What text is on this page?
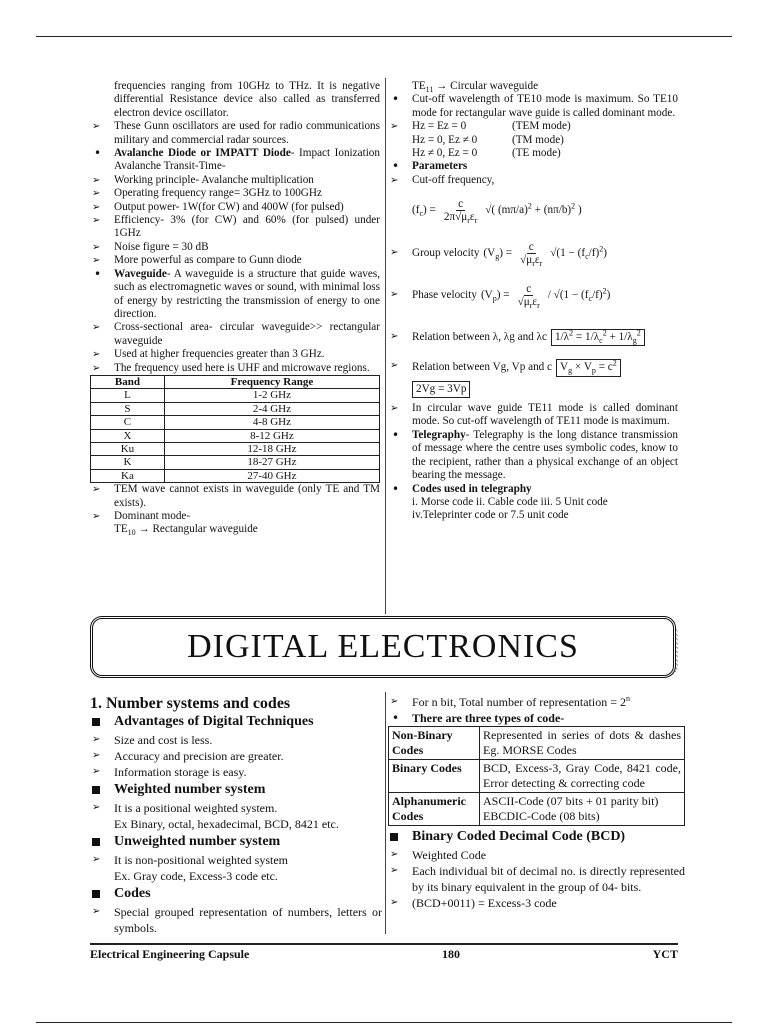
frequencies ranging from 10GHz to THz. It is negative differential Resistance device also called as transferred electron device oscillator.
➢ These Gunn oscillators are used for radio communications military and commercial radar sources.
• Avalanche Diode or IMPATT Diode- Impact Ionization Avalanche Transit-Time-
➢ Working principle- Avalanche multiplication
➢ Operating frequency range= 3GHz to 100GHz
➢ Output power- 1W(for CW) and 400W (for pulsed)
➢ Efficiency- 3% (for CW) and 60% (for pulsed) under 1GHz
➢ Noise figure = 30 dB
➢ More powerful as compare to Gunn diode
• Waveguide- A waveguide is a structure that guide waves, such as electromagnetic waves or sound, with minimal loss of energy by restricting the transmission of energy to one direction.
➢ Cross-sectional area- circular waveguide>> rectangular waveguide
➢ Used at higher frequencies greater than 3 GHz.
➢ The frequency used here is UHF and microwave regions.
Band	Frequency Range
L	1-2 GHz
S	2-4 GHz
C	4-8 GHz
X	8-12 GHz
Ku	12-18 GHz
K	18-27 GHz
Ka	27-40 GHz
➢ TEM wave cannot exists in waveguide (only TE and TM exists).
➢ Dominant mode-
$TE_{10}$ → Rectangular waveguide
$TE_{11}$ → Circular waveguide
• Cut-off wavelength of TE10 mode is maximum. So TE10 mode for rectangular wave guide is called dominant mode.
➢ Hz = Ez = 0	(TEM mode)
Hz = 0, Ez ≠ 0	(TM mode)
Hz ≠ 0, Ez = 0	(TE mode)
• Parameters
➢ Cut-off frequency,
$(f_c) = \frac{c}{2\pi√\mu_r\varepsilon_r}$ √( $(m\pi/a)^2 + (n\pi/b)^2$ )
➢ Group velocity $(V_g) = \frac{c}{√\mu_r\varepsilon_r} √(1 - (f_c/f)^2)$
➢ Phase velocity $(V_p) = \frac{c}{√\mu_r\varepsilon_r} / √(1 - (f_c/f)^2)$
➢ Relation between λ, λg and λc $1/\lambda^2 = 1/\lambda_c^2 + 1/\lambda_g^2$
➢ Relation between Vg, Vp and c $V_g \times V_p = c^2$
2Vg = 3Vp
➢ In circular wave guide TE11 mode is called dominant mode. So cut-off wavelength of TE11 mode is maximum.
• Telegraphy- Telegraphy is the long distance transmission of message where the centre uses symbolic codes, know to the recipient, rather than a physical exchange of an object bearing the message.
• Codes used in telegraphy
i. Morse code ii. Cable code iii. 5 Unit code
iv.Teleprinter code or 7.5 unit code
DIGITAL ELECTRONICS
1. Number systems and codes
Advantages of Digital Techniques
➢ Size and cost is less.
➢ Accuracy and precision are greater.
➢ Information storage is easy.
Weighted number system
➢ It is a positional weighted system.
Ex Binary, octal, hexadecimal, BCD, 8421 etc.
Unweighted number system
➢ It is non-positional weighted system
Ex. Gray code, Excess-3 code etc.
Codes
➢ Special grouped representation of numbers, letters or symbols.
➢ For n bit, Total number of representation = $2^n$
• There are three types of code-
Non-Binary Codes	Represented in series of dots & dashes Eg. MORSE Codes
Binary Codes	BCD, Excess-3, Gray Code, 8421 code, Error detecting & correcting code
Alphanumeric Codes	ASCII-Code (07 bits + 01 parity bit) EBCDIC-Code (08 bits)
Binary Coded Decimal Code (BCD)
➢ Weighted Code
➢ Each individual bit of decimal no. is directly represented by its binary equivalent in the group of 04- bits.
➢ (BCD+0011) = Excess-3 code
Electrical Engineering Capsule	180	YCT
